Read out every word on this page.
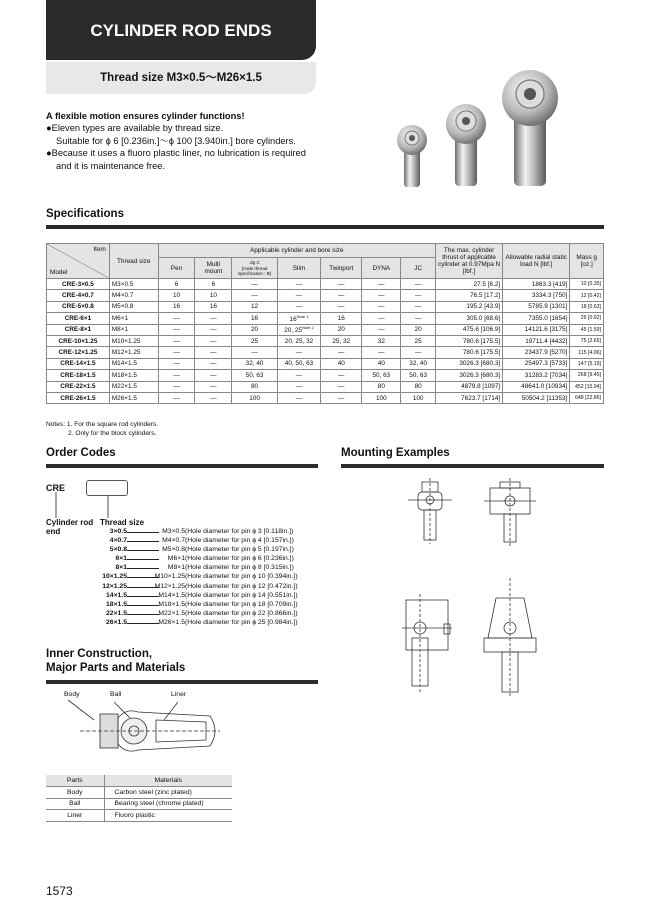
CYLINDER ROD ENDS
Thread size M3×0.5～M26×1.5
A flexible motion ensures cylinder functions!
●Eleven types are available by thread size.
Suitable for ϕ 6 [0.236in.]～ϕ 100 [3.940in.] bore cylinders.
●Because it uses a fluoro plastic liner, no lubrication is required
and it is maintenance free.
Specifications
Item
Model	Thread size	Applicable cylinder and bore size							The max. cylinder thrust of applicable cylinder at 0.97Mpa N [lbf.]	Allowable radial static load N [lbf.]	Mass g [oz.]
		Pen	Multi mount	Jig C
(male thread
specification : B)	Slim	Twinport	DYNA	JC			
CRE-3×0.5	M3×0.5	6	6	—	—	—	—	—	27.5 [6.2]	1863.3 [419]	10 [0.35]
CRE-4×0.7	M4×0.7	10	10	—	—	—	—	—	76.5 [17.2]	3334.3 [750]	12 [0.42]
CRE-5×0.8	M5×0.8	16	16	12	—	—	—	—	195.2 [43.9]	5785.9 [1301]	18 [0.63]
CRE-6×1	M6×1	—	—	16	$16^{Note 1}$	16	—	—	305.0 [68.6]	7355.0 [1654]	26 [0.92]
CRE-8×1	M8×1	—	—	20	20, $25^{Note 2}$	20	—	20	475.6 [106.9]	14121.6 [3175]	45 [1.59]
CRE-10×1.25	M10×1.25	—	—	25	20, 25, 32	25, 32	32	25	780.6 [175.5]	19711.4 [4432]	75 [2.65]
CRE-12×1.25	M12×1.25	—	—	—	—	—	—	—	780.6 [175.5]	23437.9 [5270]	115 [4.06]
CRE-14×1.5	M14×1.5	—	—	32, 40	40, 50, 63	40	40	32, 40	3026.3 [680.3]	25497.3 [5733]	147 [5.19]
CRE-18×1.5	M18×1.5	—	—	50, 63	—	—	50, 63	50, 63	3026.3 [680.3]	31283.2 [7034]	268 [9.45]
CRE-22×1.5	M22×1.5	—	—	80	—	—	80	80	4879.8 [1097]	48641.0 [10934]	452 [15.94]
CRE-26×1.5	M26×1.5	—	—	100	—	—	100	100	7623.7 [1714]	50504.2 [11353]	648 [22.86]
Notes: 1. For the square rod cylinders.
2. Only for the block cylinders.
Order Codes
CRE
Cylinder rod
end
Thread size
3×0.5	M3×0.5 (Hole diameter for pin ϕ 3 [0.118in.])
4×0.7	M4×0.7 (Hole diameter for pin ϕ 4 [0.157in.])
5×0.8	M5×0.8 (Hole diameter for pin ϕ 5 [0.197in.])
6×1	M6×1 (Hole diameter for pin ϕ 6 [0.236in.])
8×1	M8×1 (Hole diameter for pin ϕ 8 [0.315in.])
10×1.25	M10×1.25 (Hole diameter for pin ϕ 10 [0.394in.])
12×1.25	M12×1.25 (Hole diameter for pin ϕ 12 [0.472in.])
14×1.5	M14×1.5 (Hole diameter for pin ϕ 14 [0.551in.])
18×1.5	M18×1.5 (Hole diameter for pin ϕ 18 [0.709in.])
22×1.5	M22×1.5 (Hole diameter for pin ϕ 22 [0.866in.])
26×1.5	M26×1.5 (Hole diameter for pin ϕ 25 [0.984in.])
Mounting Examples
Inner Construction,
Major Parts and Materials
Body	Ball	Liner
Parts	Materials
Body	Carbon steel (zinc plated)
Ball	Bearing steel (chrome plated)
Liner	Fluoro plastic
1573
